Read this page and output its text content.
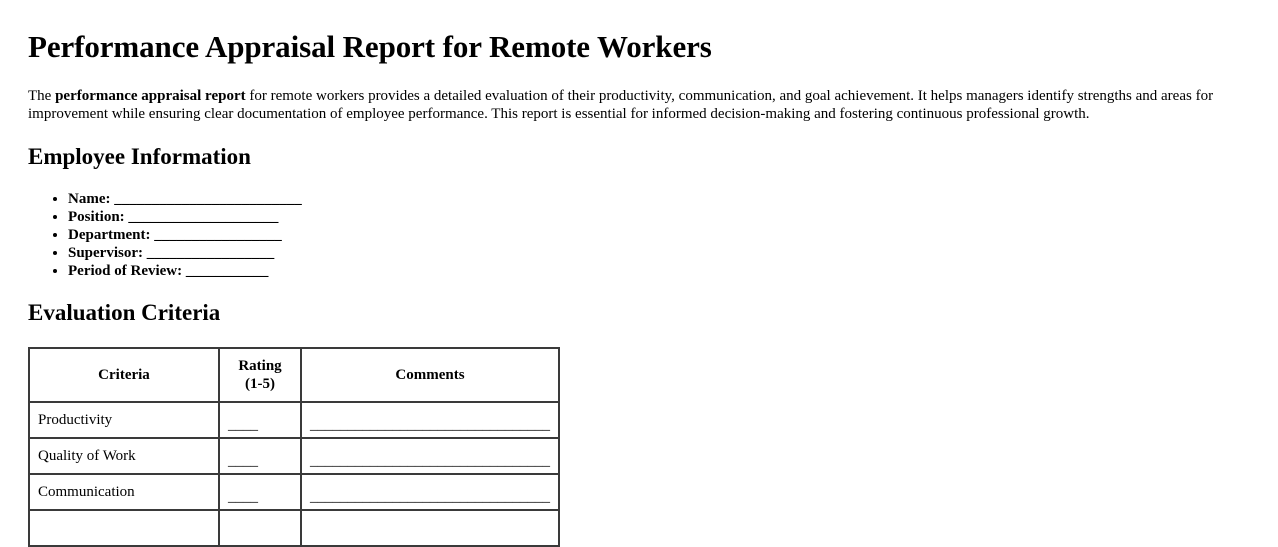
Performance Appraisal Report for Remote Workers

The performance appraisal report for remote workers provides a detailed evaluation of their productivity, communication, and goal achievement. It helps managers identify strengths and areas for improvement while ensuring clear documentation of employee performance. This report is essential for informed decision-making and fostering continuous professional growth.

Employee Information
• Name: _________________________
• Position: ____________________
• Department: _________________
• Supervisor: _________________
• Period of Review: ___________
Evaluation Criteria
Criteria	Rating (1-5)	Comments
Productivity	____	________________________________
Quality of Work	____	________________________________
Communication	____	________________________________
